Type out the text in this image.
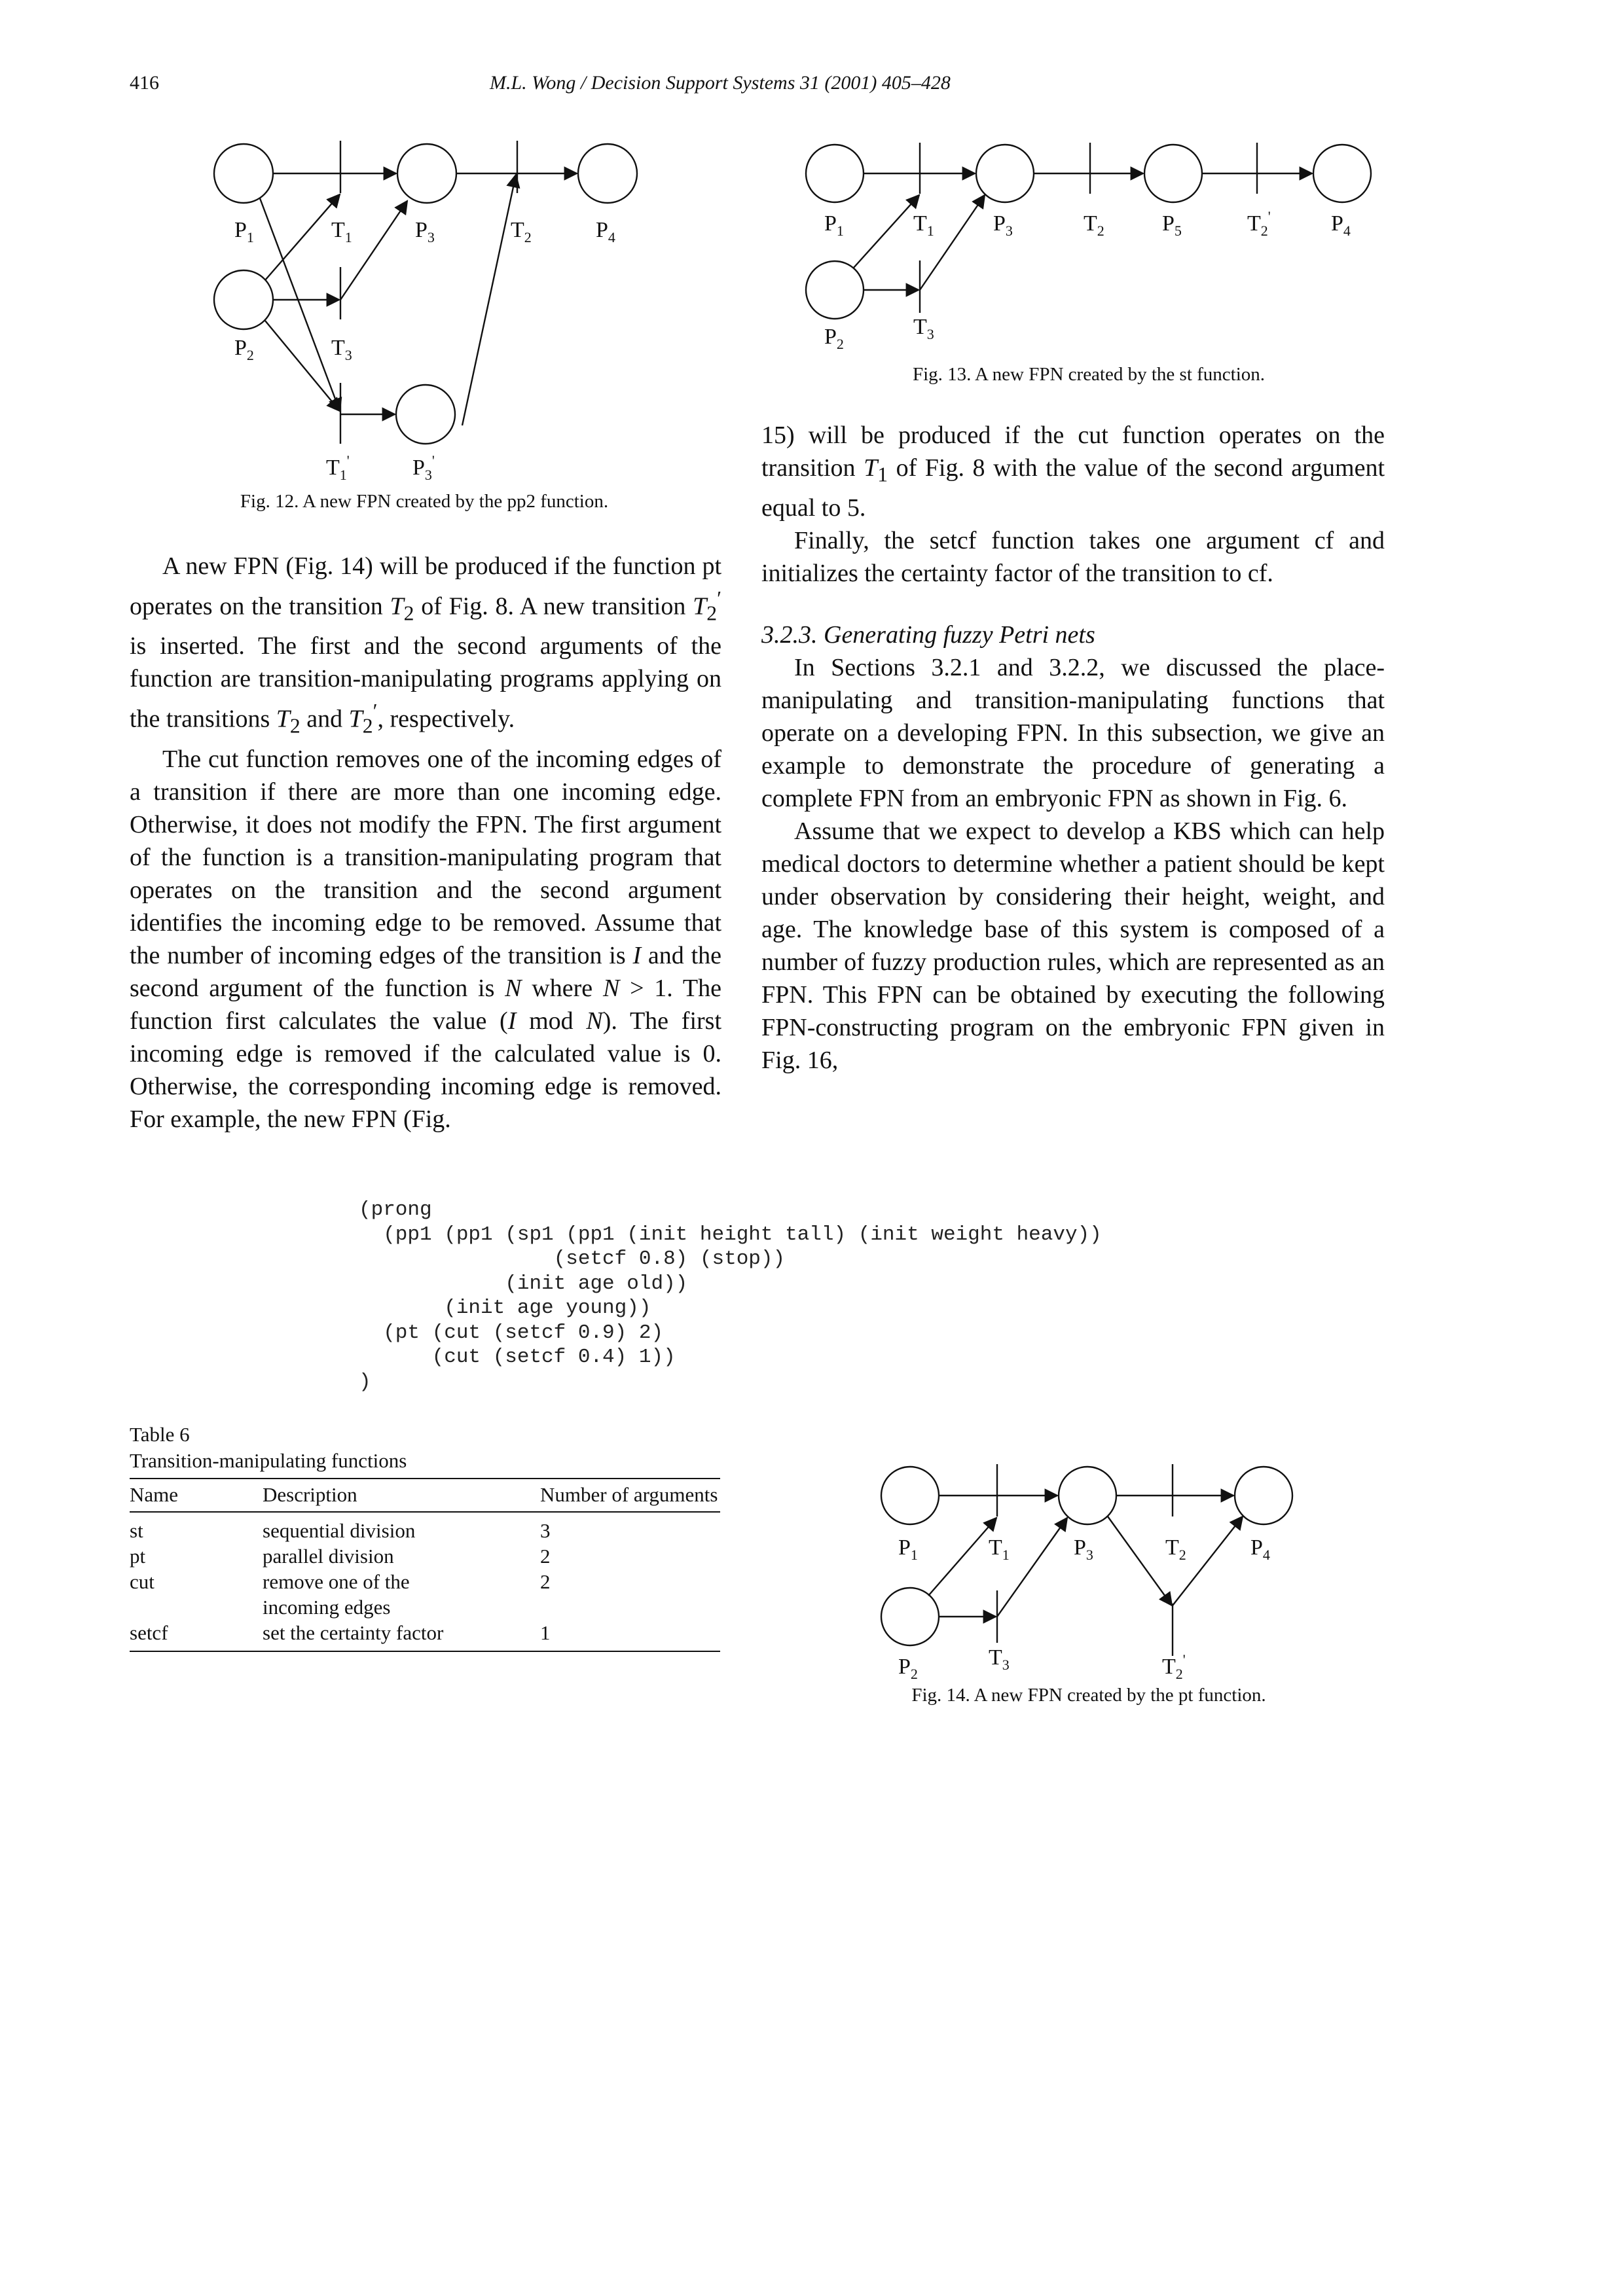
416	M.L. Wong / Decision Support Systems 31 (2001) 405–428
$P_1$	$T_1$	$P_3$	$T_2$	$P_4$
$P_2$	$T_3$
$T_1'$	$P_3'$
Fig. 12. A new FPN created by the pp2 function.
$P_1$	$T_1$	$P_3$	$T_2$	$P_5$	$T_2'$	$P_4$
$P_2$
$T_3$
Fig. 13. A new FPN created by the st function.

A new FPN (Fig. 14) will be produced if the function pt operates on the transition $T_2$ of Fig. 8. A new transition $T_2'$ is inserted. The first and the second arguments of the function are transition-manipulating programs applying on the transitions $T_2$ and $T_2'$, respectively.

The cut function removes one of the incoming edges of a transition if there are more than one incoming edge. Otherwise, it does not modify the FPN. The first argument of the function is a transition-manipulating program that operates on the transition and the second argument identifies the incoming edge to be removed. Assume that the number of incoming edges of the transition is I and the second argument of the function is N where N > 1. The function first calculates the value (I mod N). The first incoming edge is removed if the calculated value is 0. Otherwise, the corresponding incoming edge is removed. For example, the new FPN (Fig.

15) will be produced if the cut function operates on the transition $T_1$ of Fig. 8 with the value of the second argument equal to 5.

Finally, the setcf function takes one argument cf and initializes the certainty factor of the transition to cf.

3.2.3. Generating fuzzy Petri nets

In Sections 3.2.1 and 3.2.2, we discussed the place-manipulating and transition-manipulating functions that operate on a developing FPN. In this subsection, we give an example to demonstrate the procedure of generating a complete FPN from an embryonic FPN as shown in Fig. 6.

Assume that we expect to develop a KBS which can help medical doctors to determine whether a patient should be kept under observation by considering their height, weight, and age. The knowledge base of this system is composed of a number of fuzzy production rules, which are represented as an FPN. This FPN can be obtained by executing the following FPN-constructing program on the embryonic FPN given in Fig. 16,

(prong
(pp1 (pp1 (sp1 (pp1 (init height tall) (init weight heavy))
(setcf 0.8) (stop))
(init age old))
(init age young))
(pt (cut (setcf 0.9) 2)
(cut (setcf 0.4) 1))
)
Table 6
Transition-manipulating functions
Name	Description	Number of arguments
st	sequential division	3
pt	parallel division	2
cut	remove one of the incoming edges	2
setcf	set the certainty factor	1
$P_1$	$T_1$	$P_3$	$T_2$	$P_4$
$P_2$
$T_3$	$T_2'$
Fig. 14. A new FPN created by the pt function.
